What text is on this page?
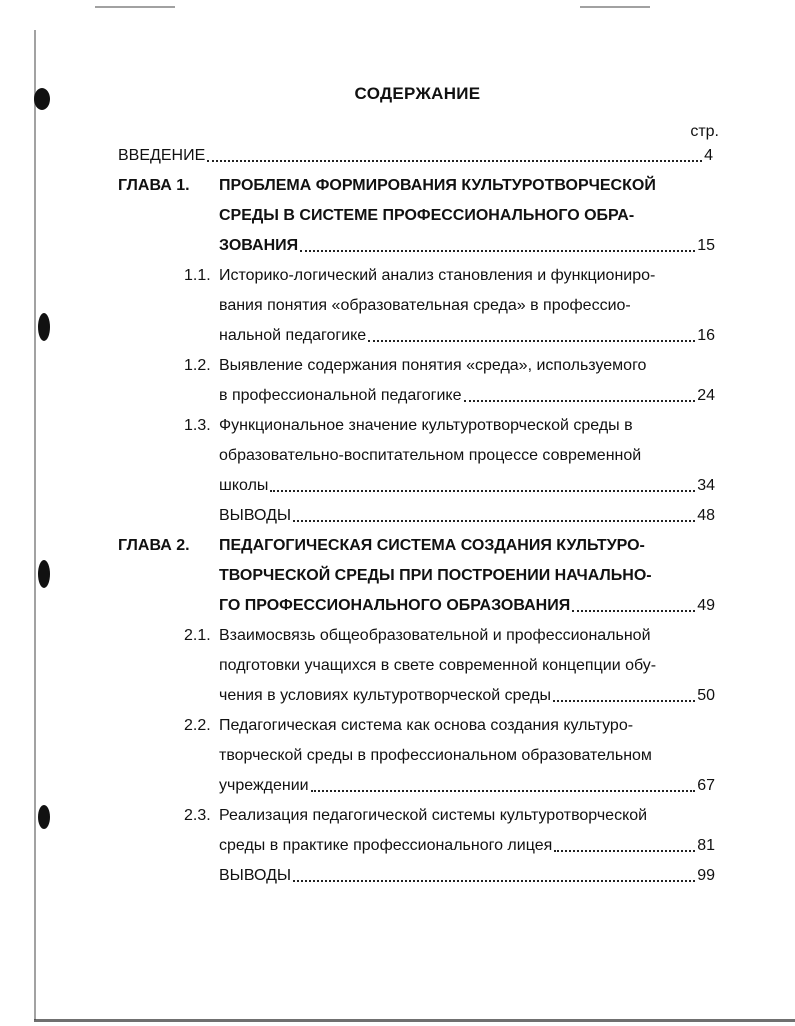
СОДЕРЖАНИЕ
стр.
ВВЕДЕНИЕ	4
ГЛАВА 1. ПРОБЛЕМА ФОРМИРОВАНИЯ КУЛЬТУРОТВОРЧЕСКОЙ
СРЕДЫ В СИСТЕМЕ ПРОФЕССИОНАЛЬНОГО ОБРА-
ЗОВАНИЯ	15
1.1. Историко-логический анализ становления и функциониро-
вания понятия «образовательная среда» в профессио-
нальной педагогике	16
1.2. Выявление содержания понятия «среда», используемого
в профессиональной педагогике	24
1.3. Функциональное значение культуротворческой среды в
образовательно-воспитательном процессе современной
школы	34
ВЫВОДЫ	48
ГЛАВА 2. ПЕДАГОГИЧЕСКАЯ СИСТЕМА СОЗДАНИЯ КУЛЬТУРО-
ТВОРЧЕСКОЙ СРЕДЫ ПРИ ПОСТРОЕНИИ НАЧАЛЬНО-
ГО ПРОФЕССИОНАЛЬНОГО ОБРАЗОВАНИЯ	49
2.1. Взаимосвязь общеобразовательной и профессиональной
подготовки учащихся в свете современной концепции обу-
чения в условиях культуротворческой среды	50
2.2. Педагогическая система как основа создания культуро-
творческой среды в профессиональном образовательном
учреждении	67
2.3. Реализация педагогической системы культуротворческой
среды в практике профессионального лицея	81
ВЫВОДЫ	99
